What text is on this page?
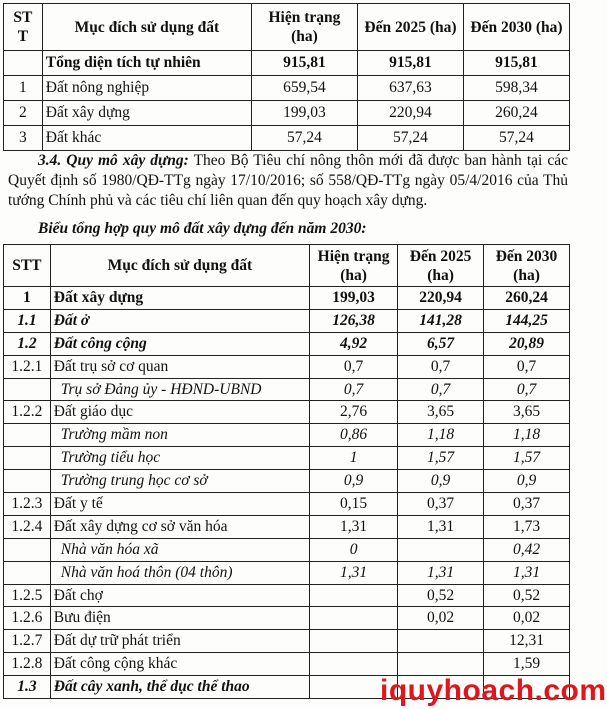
ST T	Mục đích sử dụng đất	Hiện trạng (ha)	Đến 2025 (ha)	Đến 2030 (ha)
	Tổng diện tích tự nhiên	915,81	915,81	915,81
1	Đất nông nghiệp	659,54	637,63	598,34
2	Đất xây dựng	199,03	220,94	260,24
3	Đất khác	57,24	57,24	57,24
3.4. Quy mô xây dựng: Theo Bộ Tiêu chí nông thôn mới đã được ban hành tại các Quyết định số 1980/QĐ-TTg ngày 17/10/2016; số 558/QĐ-TTg ngày 05/4/2016 của Thủ tướng Chính phủ và các tiêu chí liên quan đến quy hoạch xây dựng.
Biểu tổng hợp quy mô đất xây dựng đến năm 2030:
STT	Mục đích sử dụng đất	Hiện trạng (ha)	Đến 2025 (ha)	Đến 2030 (ha)
1	Đất xây dựng	199,03	220,94	260,24
1.1	Đất ở	126,38	141,28	144,25
1.2	Đất công cộng	4,92	6,57	20,89
1.2.1	Đất trụ sở cơ quan	0,7	0,7	0,7
	Trụ sở Đảng ủy - HĐND-UBND	0,7	0,7	0,7
1.2.2	Đất giáo dục	2,76	3,65	3,65
	Trường mầm non	0,86	1,18	1,18
	Trường tiểu học	1	1,57	1,57
	Trường trung học cơ sở	0,9	0,9	0,9
1.2.3	Đất y tế	0,15	0,37	0,37
1.2.4	Đất xây dựng cơ sở văn hóa	1,31	1,31	1,73
	Nhà văn hóa xã	0		0,42
	Nhà văn hoá thôn (04 thôn)	1,31	1,31	1,31
1.2.5	Đất chợ		0,52	0,52
1.2.6	Bưu điện		0,02	0,02
1.2.7	Đất dự trữ phát triển			12,31
1.2.8	Đất công cộng khác			1,59
1.3	Đất cây xanh, thể dục thể thao				iquyhoach.com
